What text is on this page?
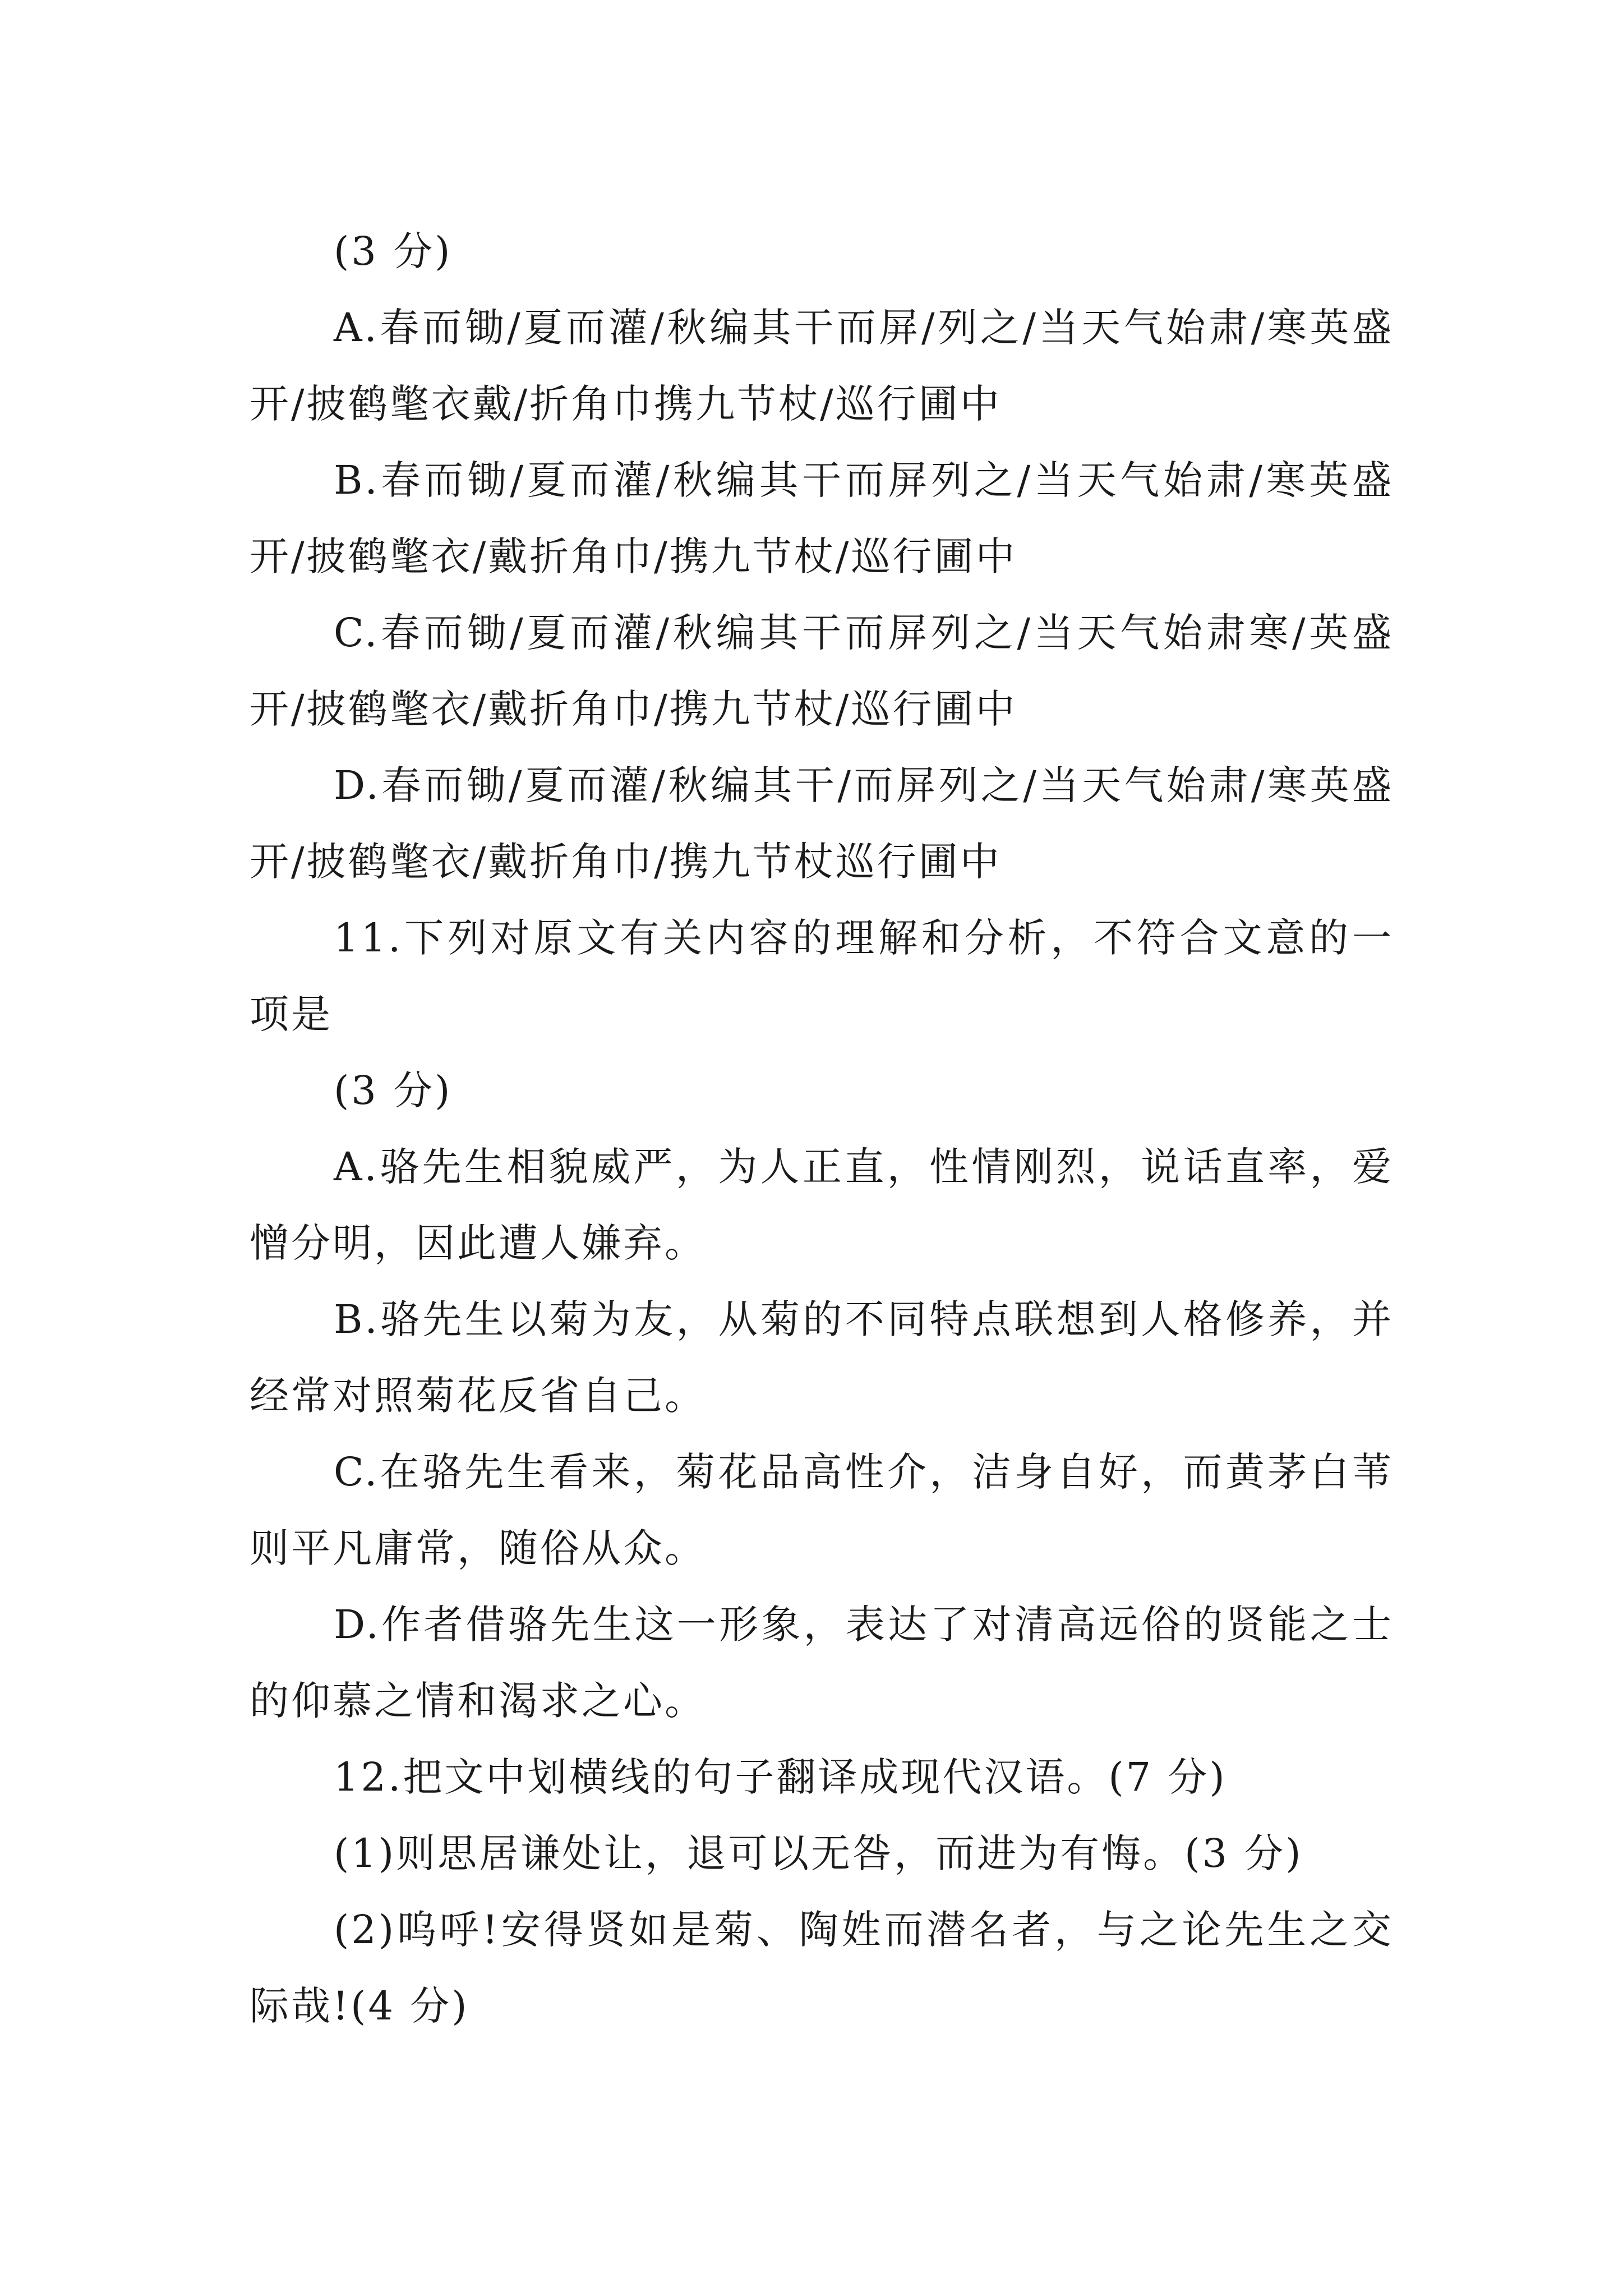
(3 分)

A.春而锄/夏而灌/秋编其干而屏/列之/当天气始肃/寒英盛开/披鹤氅衣戴/折角巾携九节杖/巡行圃中

B.春而锄/夏而灌/秋编其干而屏列之/当天气始肃/寒英盛开/披鹤氅衣/戴折角巾/携九节杖/巡行圃中

C.春而锄/夏而灌/秋编其干而屏列之/当天气始肃寒/英盛开/披鹤氅衣/戴折角巾/携九节杖/巡行圃中

D.春而锄/夏而灌/秋编其干/而屏列之/当天气始肃/寒英盛开/披鹤氅衣/戴折角巾/携九节杖巡行圃中

11.下列对原文有关内容的理解和分析，不符合文意的一项是

(3 分)

A.骆先生相貌威严，为人正直，性情刚烈，说话直率，爱憎分明，因此遭人嫌弃。

B.骆先生以菊为友，从菊的不同特点联想到人格修养，并经常对照菊花反省自己。

C.在骆先生看来，菊花品高性介，洁身自好，而黄茅白苇则平凡庸常，随俗从众。

D.作者借骆先生这一形象，表达了对清高远俗的贤能之士的仰慕之情和渴求之心。

12.把文中划横线的句子翻译成现代汉语。(7 分)

(1)则思居谦处让，退可以无咎，而进为有悔。(3 分)

(2)呜呼!安得贤如是菊、陶姓而潜名者，与之论先生之交际哉!(4 分)
